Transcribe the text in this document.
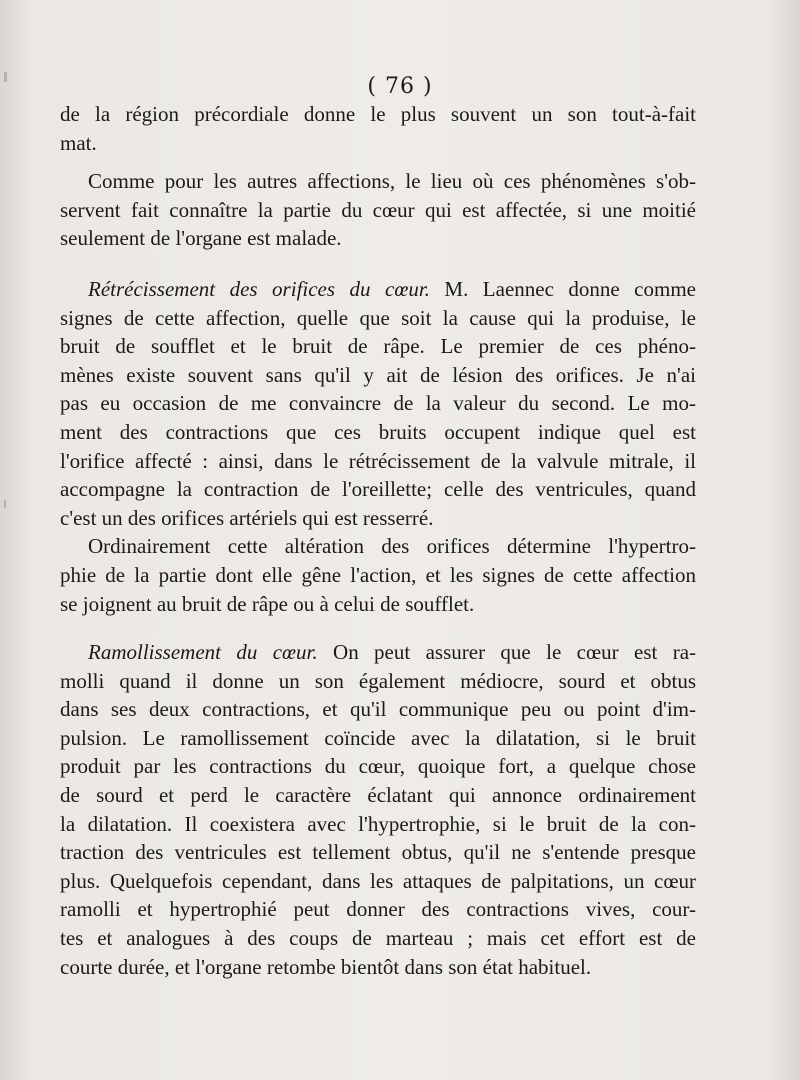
( 76 )
de la région précordiale donne le plus souvent un son tout-à-fait
mat.
Comme pour les autres affections, le lieu où ces phénomènes s'ob-
servent fait connaître la partie du cœur qui est affectée, si une moitié
seulement de l'organe est malade.
Rétrécissement des orifices du cœur. M. Laennec donne comme
signes de cette affection, quelle que soit la cause qui la produise, le
bruit de soufflet et le bruit de râpe. Le premier de ces phéno-
mènes existe souvent sans qu'il y ait de lésion des orifices. Je n'ai
pas eu occasion de me convaincre de la valeur du second. Le mo-
ment des contractions que ces bruits occupent indique quel est
l'orifice affecté : ainsi, dans le rétrécissement de la valvule mitrale, il
accompagne la contraction de l'oreillette; celle des ventricules, quand
c'est un des orifices artériels qui est resserré.
Ordinairement cette altération des orifices détermine l'hypertro-
phie de la partie dont elle gêne l'action, et les signes de cette affection
se joignent au bruit de râpe ou à celui de soufflet.
Ramollissement du cœur. On peut assurer que le cœur est ra-
molli quand il donne un son également médiocre, sourd et obtus
dans ses deux contractions, et qu'il communique peu ou point d'im-
pulsion. Le ramollissement coïncide avec la dilatation, si le bruit
produit par les contractions du cœur, quoique fort, a quelque chose
de sourd et perd le caractère éclatant qui annonce ordinairement
la dilatation. Il coexistera avec l'hypertrophie, si le bruit de la con-
traction des ventricules est tellement obtus, qu'il ne s'entende presque
plus. Quelquefois cependant, dans les attaques de palpitations, un cœur
ramolli et hypertrophié peut donner des contractions vives, cour-
tes et analogues à des coups de marteau ; mais cet effort est de
courte durée, et l'organe retombe bientôt dans son état habituel.
